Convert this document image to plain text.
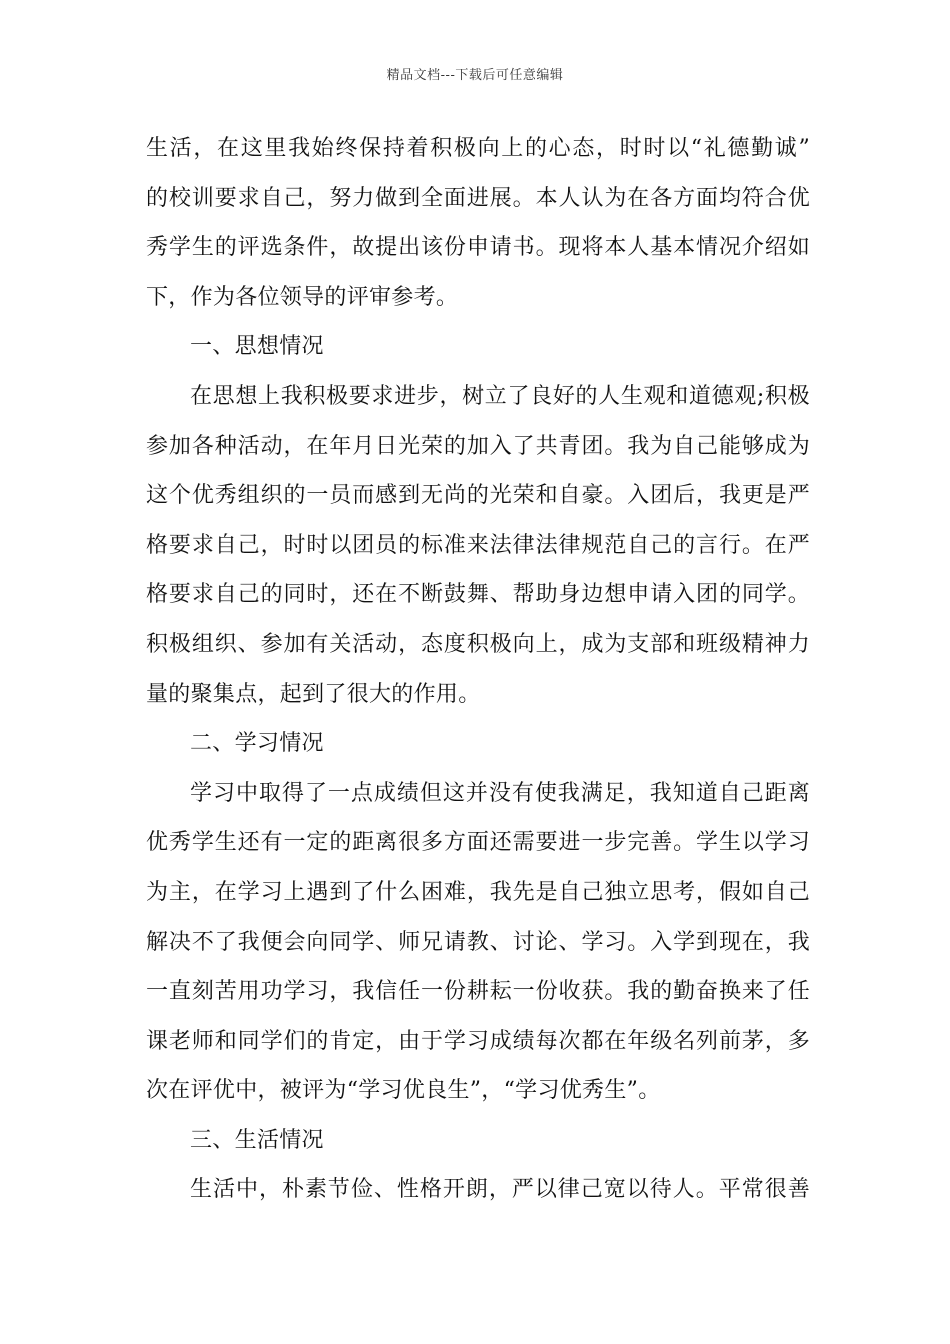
精品文档---下载后可任意编辑
生活，在这里我始终保持着积极向上的心态，时时以“礼德勤诚”
的校训要求自己，努力做到全面进展。本人认为在各方面均符合优
秀学生的评选条件，故提出该份申请书。现将本人基本情况介绍如
下，作为各位领导的评审参考。
一、思想情况
在思想上我积极要求进步，树立了良好的人生观和道德观;积极
参加各种活动，在年月日光荣的加入了共青团。我为自己能够成为
这个优秀组织的一员而感到无尚的光荣和自豪。入团后，我更是严
格要求自己，时时以团员的标准来法律法律规范自己的言行。在严
格要求自己的同时，还在不断鼓舞、帮助身边想申请入团的同学。
积极组织、参加有关活动，态度积极向上，成为支部和班级精神力
量的聚集点，起到了很大的作用。
二、学习情况
学习中取得了一点成绩但这并没有使我满足，我知道自己距离
优秀学生还有一定的距离很多方面还需要进一步完善。学生以学习
为主，在学习上遇到了什么困难，我先是自己独立思考，假如自己
解决不了我便会向同学、师兄请教、讨论、学习。入学到现在，我
一直刻苦用功学习，我信任一份耕耘一份收获。我的勤奋换来了任
课老师和同学们的肯定，由于学习成绩每次都在年级名列前茅，多
次在评优中，被评为“学习优良生”，“学习优秀生”。
三、生活情况
生活中，朴素节俭、性格开朗，严以律己宽以待人。平常很善
